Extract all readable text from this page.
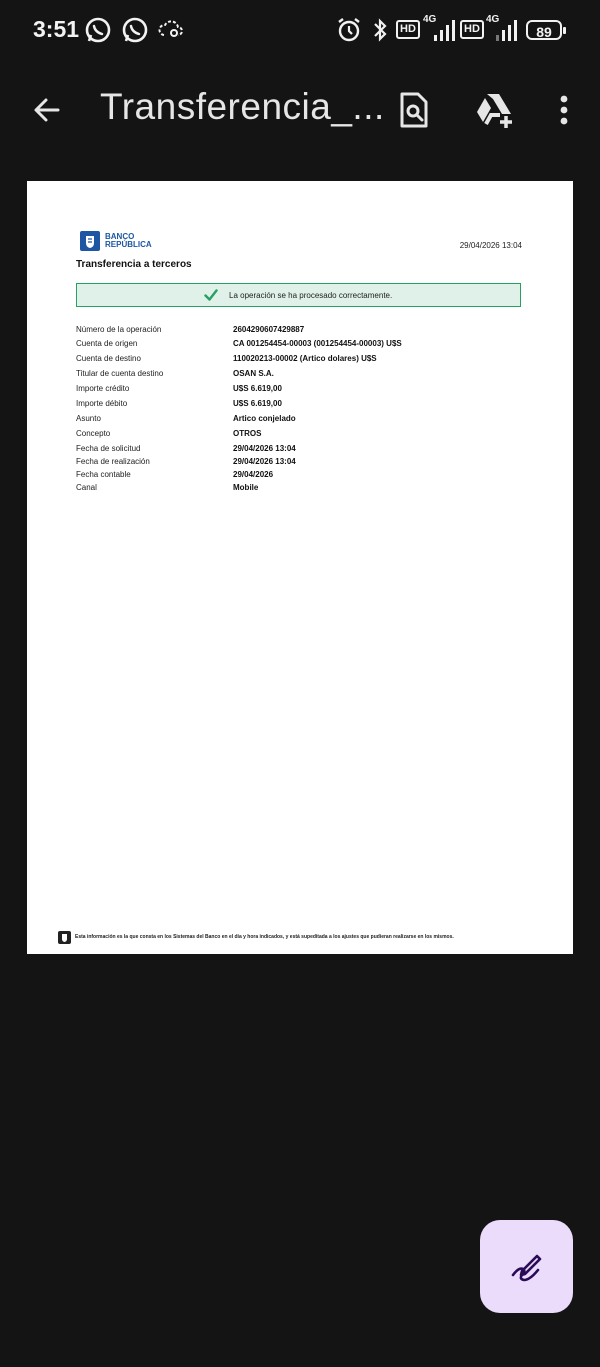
3:51	HD
4G
HD
4G
89
Transferencia_...
BANCO
REPÚBLICA	29/04/2026 13:04
Transferencia a terceros
La operación se ha procesado correctamente.
Número de la operación	2604290607429887
Cuenta de origen	CA 001254454-00003 (001254454-00003) U$S
Cuenta de destino	110020213-00002 (Artico dolares) U$S
Titular de cuenta destino	OSAN S.A.
Importe crédito	U$S 6.619,00
Importe débito	U$S 6.619,00
Asunto	Artico conjelado
Concepto	OTROS
Fecha de solicitud	29/04/2026 13:04
Fecha de realización	29/04/2026 13:04
Fecha contable	29/04/2026
Canal	Mobile
Esta información es la que consta en los Sistemas del Banco en el día y hora indicados, y está supeditada a los ajustes que pudieran realizarse en los mismos.
